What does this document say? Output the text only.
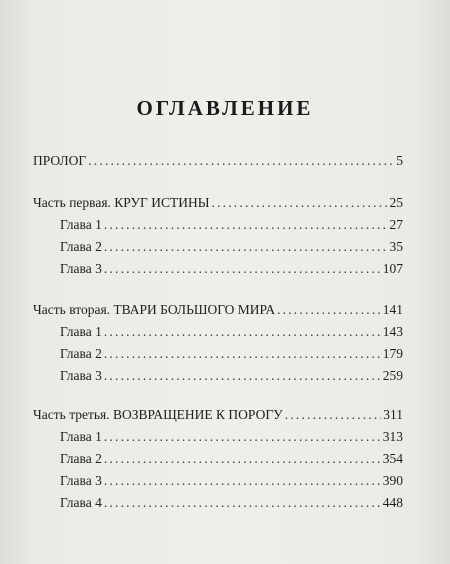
ОГЛАВЛЕНИЕ
ПРОЛОГ .....	5
Часть первая. КРУГ ИСТИНЫ .....	25
Глава 1 .....	27
Глава 2 .....	35
Глава 3 .....	107
Часть вторая. ТВАРИ БОЛЬШОГО МИРА .....	141
Глава 1 .....	143
Глава 2 .....	179
Глава 3 .....	259
Часть третья. ВОЗВРАЩЕНИЕ К ПОРОГУ .....	311
Глава 1 .....	313
Глава 2 .....	354
Глава 3 .....	390
Глава 4 .....	448
